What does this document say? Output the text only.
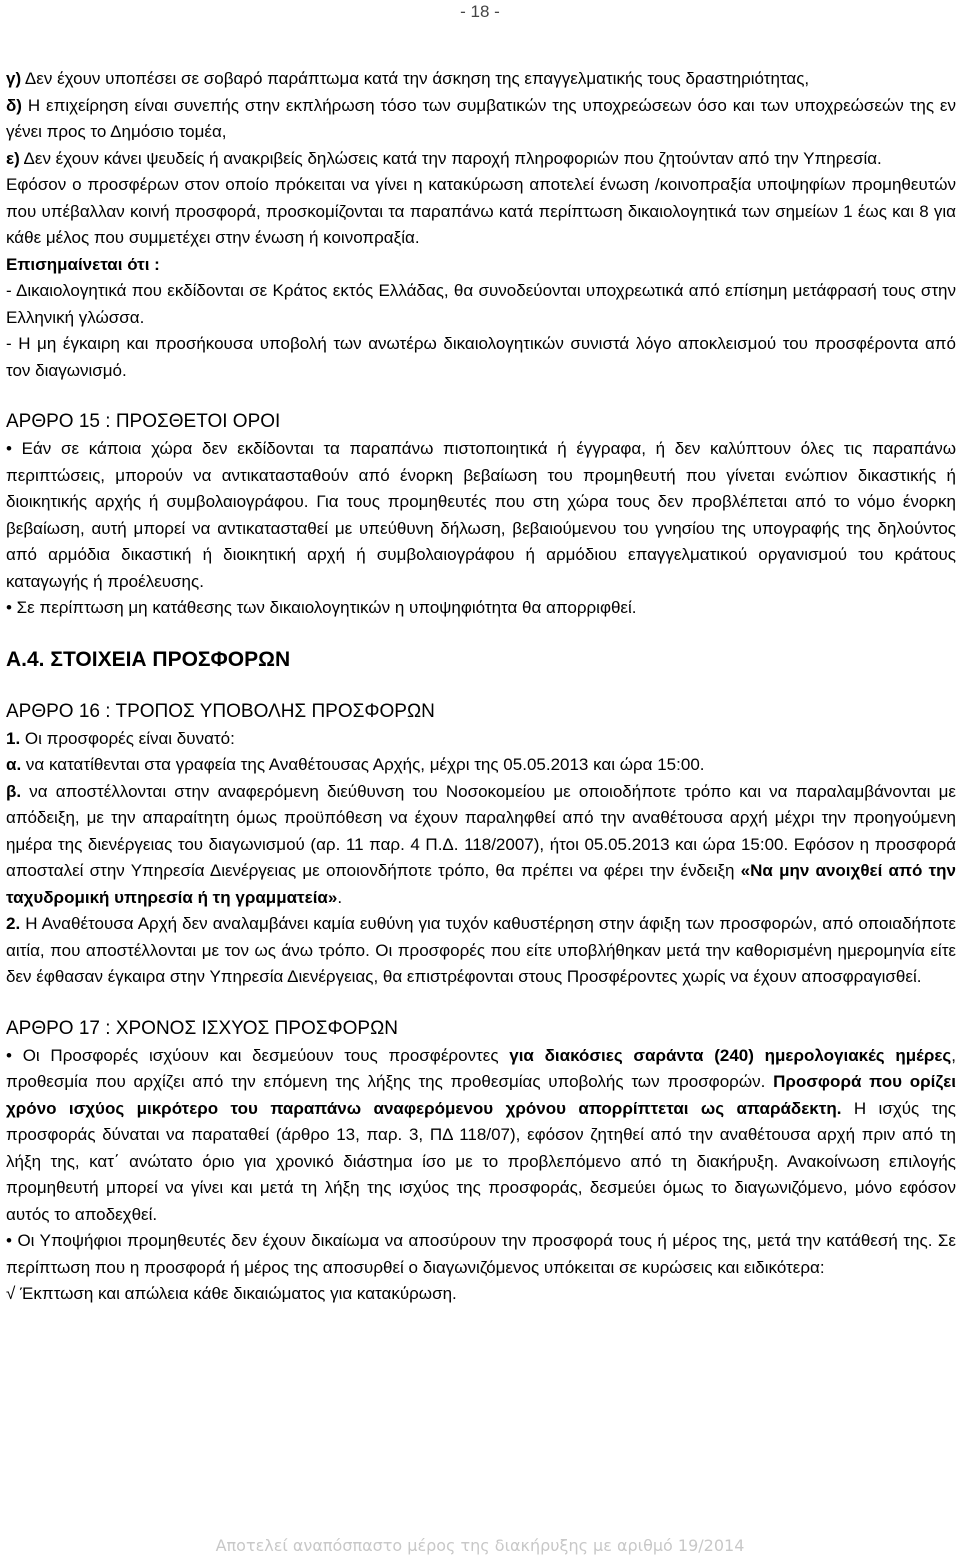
- 18 -

γ) Δεν έχουν υποπέσει σε σοβαρό παράπτωμα κατά την άσκηση της επαγγελματικής τους δραστηριότητας,

δ) Η επιχείρηση είναι συνεπής στην εκπλήρωση τόσο των συμβατικών της υποχρεώσεων όσο και των υποχρεώσεών της εν γένει προς το Δημόσιο τομέα,

ε) Δεν έχουν κάνει ψευδείς ή ανακριβείς δηλώσεις κατά την παροχή πληροφοριών που ζητούνταν από την Υπηρεσία.

Εφόσον ο προσφέρων στον οποίο πρόκειται να γίνει η κατακύρωση αποτελεί ένωση /κοινοπραξία υποψηφίων προμηθευτών που υπέβαλλαν κοινή προσφορά, προσκομίζονται τα παραπάνω κατά περίπτωση δικαιολογητικά των σημείων 1 έως και 8 για κάθε μέλος που συμμετέχει στην ένωση ή κοινοπραξία.

Επισημαίνεται ότι :

- Δικαιολογητικά που εκδίδονται σε Κράτος εκτός Ελλάδας, θα συνοδεύονται υποχρεωτικά από επίσημη μετάφρασή τους στην Ελληνική γλώσσα.

- Η μη έγκαιρη και προσήκουσα υποβολή των ανωτέρω δικαιολογητικών συνιστά λόγο αποκλεισμού του προσφέροντα από τον διαγωνισμό.

ΑΡΘΡΟ 15 : ΠΡΟΣΘΕΤΟΙ ΟΡΟΙ

• Εάν σε κάποια χώρα δεν εκδίδονται τα παραπάνω πιστοποιητικά ή έγγραφα, ή δεν καλύπτουν όλες τις παραπάνω περιπτώσεις, μπορούν να αντικατασταθούν από ένορκη βεβαίωση του προμηθευτή που γίνεται ενώπιον δικαστικής ή διοικητικής αρχής ή συμβολαιογράφου. Για τους προμηθευτές που στη χώρα τους δεν προβλέπεται από το νόμο ένορκη βεβαίωση, αυτή μπορεί να αντικατασταθεί με υπεύθυνη δήλωση, βεβαιούμενου του γνησίου της υπογραφής της δηλούντος από αρμόδια δικαστική ή διοικητική αρχή ή συμβολαιογράφου ή αρμόδιου επαγγελματικού οργανισμού του κράτους καταγωγής ή προέλευσης.

• Σε περίπτωση μη κατάθεσης των δικαιολογητικών η υποψηφιότητα θα απορριφθεί.

Α.4. ΣΤΟΙΧΕΙΑ ΠΡΟΣΦΟΡΩΝ

ΑΡΘΡΟ 16 : ΤΡΟΠΟΣ ΥΠΟΒΟΛΗΣ ΠΡΟΣΦΟΡΩΝ

1. Οι προσφορές είναι δυνατό:

α. να κατατίθενται στα γραφεία της Αναθέτουσας Αρχής, μέχρι της 05.05.2013 και ώρα 15:00.

β. να αποστέλλονται στην αναφερόμενη διεύθυνση του Νοσοκομείου με οποιοδήποτε τρόπο και να παραλαμβάνονται με απόδειξη, με την απαραίτητη όμως προϋπόθεση να έχουν παραληφθεί από την αναθέτουσα αρχή μέχρι την προηγούμενη ημέρα της διενέργειας του διαγωνισμού (αρ. 11 παρ. 4 Π.Δ. 118/2007), ήτοι 05.05.2013 και ώρα 15:00. Εφόσον η προσφορά αποσταλεί στην Υπηρεσία Διενέργειας με οποιονδήποτε τρόπο, θα πρέπει να φέρει την ένδειξη «Να μην ανοιχθεί από την ταχυδρομική υπηρεσία ή τη γραμματεία».

2. Η Αναθέτουσα Αρχή δεν αναλαμβάνει καμία ευθύνη για τυχόν καθυστέρηση στην άφιξη των προσφορών, από οποιαδήποτε αιτία, που αποστέλλονται με τον ως άνω τρόπο. Οι προσφορές που είτε υποβλήθηκαν μετά την καθορισμένη ημερομηνία είτε δεν έφθασαν έγκαιρα στην Υπηρεσία Διενέργειας, θα επιστρέφονται στους Προσφέροντες χωρίς να έχουν αποσφραγισθεί.

ΑΡΘΡΟ 17 : ΧΡΟΝΟΣ ΙΣΧΥΟΣ ΠΡΟΣΦΟΡΩΝ

• Οι Προσφορές ισχύουν και δεσμεύουν τους προσφέροντες για διακόσιες σαράντα (240) ημερολογιακές ημέρες, προθεσμία που αρχίζει από την επόμενη της λήξης της προθεσμίας υποβολής των προσφορών. Προσφορά που ορίζει χρόνο ισχύος μικρότερο του παραπάνω αναφερόμενου χρόνου απορρίπτεται ως απαράδεκτη. Η ισχύς της προσφοράς δύναται να παραταθεί (άρθρο 13, παρ. 3, ΠΔ 118/07), εφόσον ζητηθεί από την αναθέτουσα αρχή πριν από τη λήξη της, κατ΄ ανώτατο όριο για χρονικό διάστημα ίσο με το προβλεπόμενο από τη διακήρυξη. Ανακοίνωση επιλογής προμηθευτή μπορεί να γίνει και μετά τη λήξη της ισχύος της προσφοράς, δεσμεύει όμως το διαγωνιζόμενο, μόνο εφόσον αυτός το αποδεχθεί.

• Οι Υποψήφιοι προμηθευτές δεν έχουν δικαίωμα να αποσύρουν την προσφορά τους ή μέρος της, μετά την κατάθεσή της. Σε περίπτωση που η προσφορά ή μέρος της αποσυρθεί ο διαγωνιζόμενος υπόκειται σε κυρώσεις και ειδικότερα:

√ Έκπτωση και απώλεια κάθε δικαιώματος για κατακύρωση.

Αποτελεί αναπόσπαστο μέρος της διακήρυξης με αριθμό 19/2014
